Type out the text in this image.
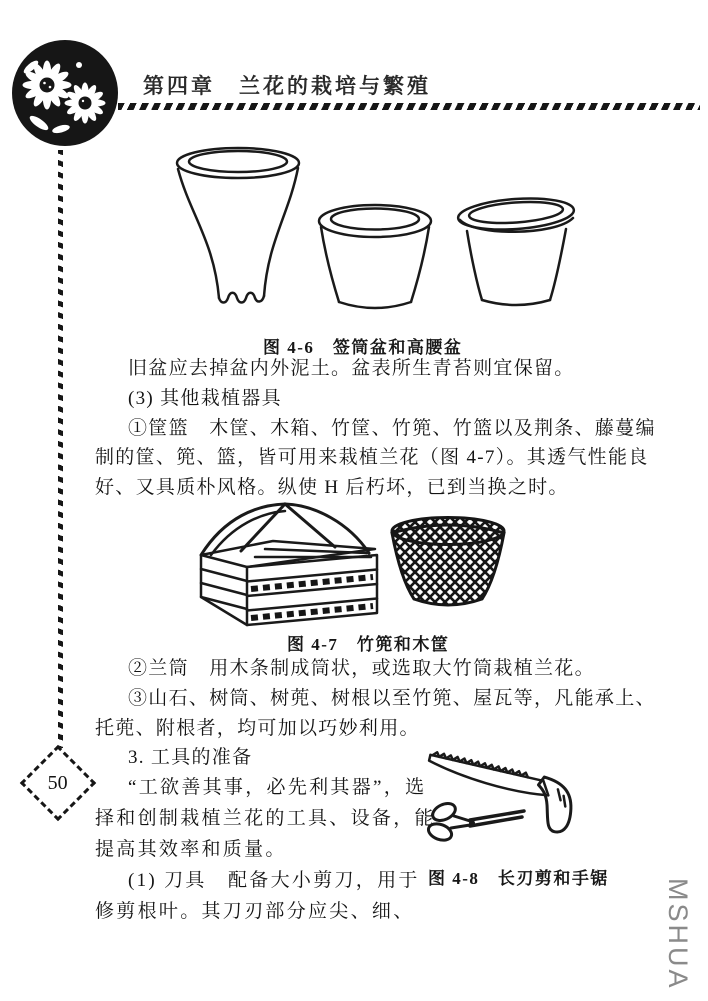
第四章　兰花的栽培与繁殖
图 4-6　签筒盆和高腰盆
旧盆应去掉盆内外泥土。盆表所生青苔则宜保留。
(3) 其他栽植器具
①筐篮　木筐、木箱、竹筐、竹篼、竹篮以及荆条、藤蔓编
制的筐、篼、篮，皆可用来栽植兰花（图 4-7）。其透气性能良
好、又具质朴风格。纵使 H 后朽坏，已到当换之时。
图 4-7　竹篼和木筐
②兰筒　用木条制成筒状，或选取大竹筒栽植兰花。
③山石、树筒、树蔸、树根以至竹篼、屋瓦等，凡能承上、
托蔸、附根者，均可加以巧妙利用。
3. 工具的准备
“工欲善其事，必先利其器”，选
择和创制栽植兰花的工具、设备，能
提高其效率和质量。
(1) 刀具　配备大小剪刀，用于
修剪根叶。其刀刃部分应尖、细、
图 4-8　长刃剪和手锯
50
MSHUA
